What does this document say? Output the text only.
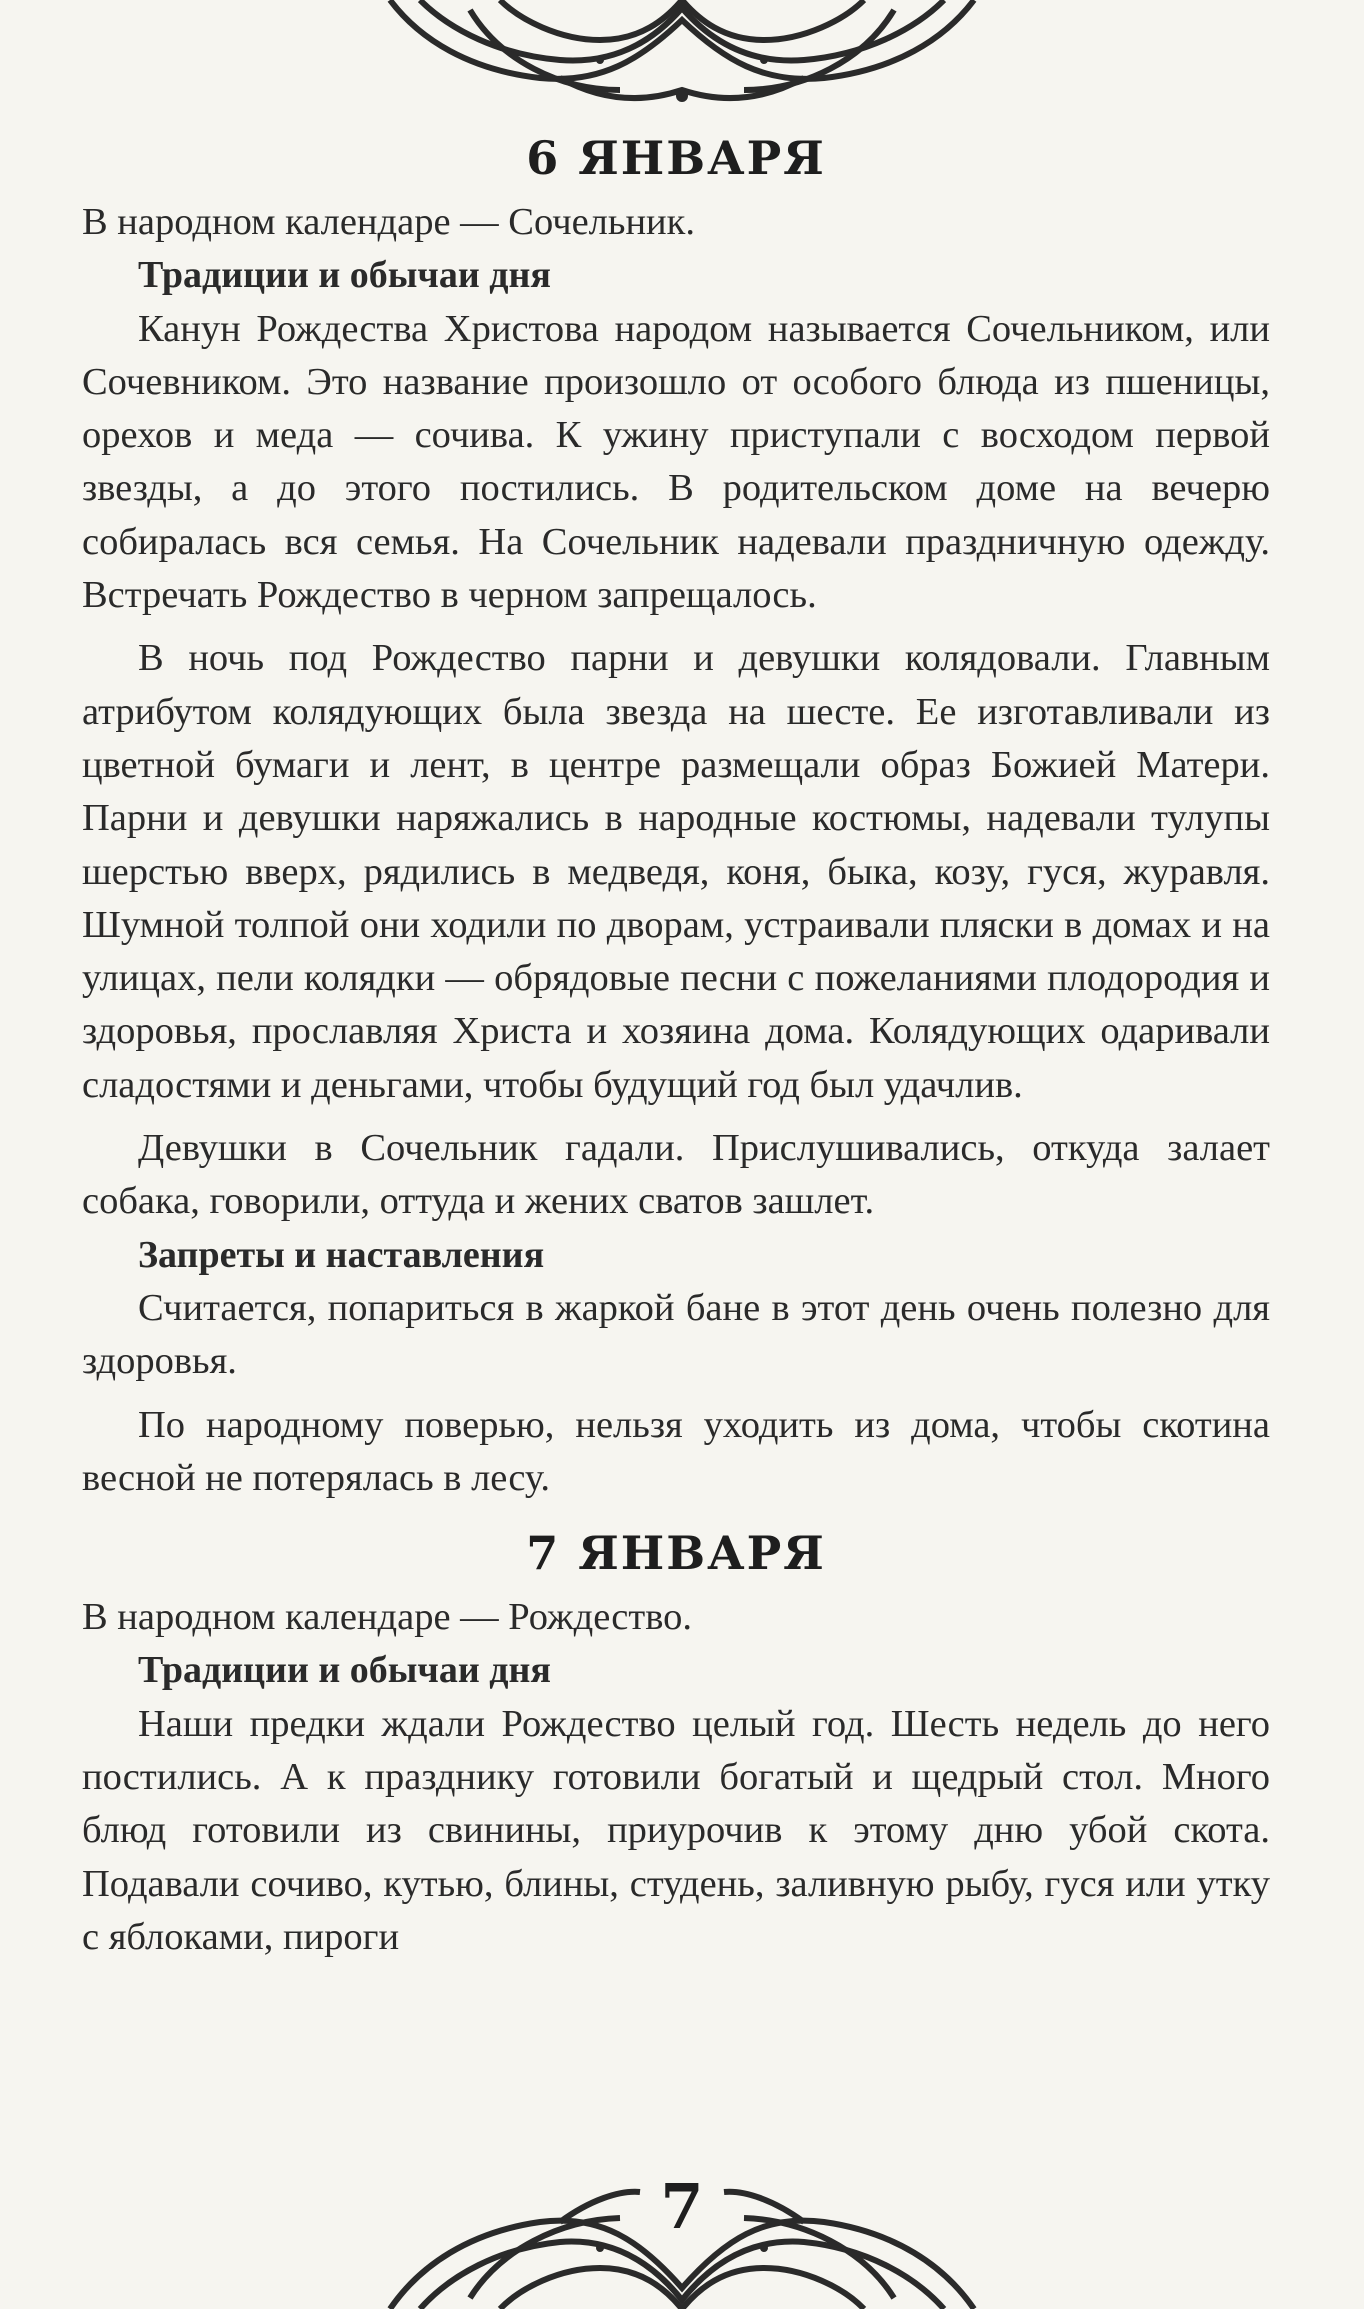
6 ЯНВАРЯ

В народном календаре — Сочельник.

Традиции и обычаи дня

Канун Рождества Христова народом называется Сочельником, или Сочевником. Это название произошло от особого блюда из пшеницы, орехов и меда — сочива. К ужину приступали с восходом первой звезды, а до этого постились. В родительском доме на вечерю собиралась вся семья. На Сочельник надевали праздничную одежду. Встречать Рождество в черном запрещалось.

В ночь под Рождество парни и девушки колядовали. Главным атрибутом колядующих была звезда на шесте. Ее изготавливали из цветной бумаги и лент, в центре размещали образ Божией Матери. Парни и девушки наряжались в народные костюмы, надевали тулупы шерстью вверх, рядились в медведя, коня, быка, козу, гуся, журавля. Шумной толпой они ходили по дворам, устраивали пляски в домах и на улицах, пели колядки — обрядовые песни с пожеланиями плодородия и здоровья, прославляя Христа и хозяина дома. Колядующих одаривали сладостями и деньгами, чтобы будущий год был удачлив.

Девушки в Сочельник гадали. Прислушивались, откуда залает собака, говорили, оттуда и жених сватов зашлет.

Запреты и наставления

Считается, попариться в жаркой бане в этот день очень полезно для здоровья.

По народному поверью, нельзя уходить из дома, чтобы скотина весной не потерялась в лесу.

7 ЯНВАРЯ

В народном календаре — Рождество.

Традиции и обычаи дня

Наши предки ждали Рождество целый год. Шесть недель до него постились. А к празднику готовили богатый и щедрый стол. Много блюд готовили из свинины, приурочив к этому дню убой скота. Подавали сочиво, кутью, блины, студень, заливную рыбу, гуся или утку с яблоками, пироги

7
